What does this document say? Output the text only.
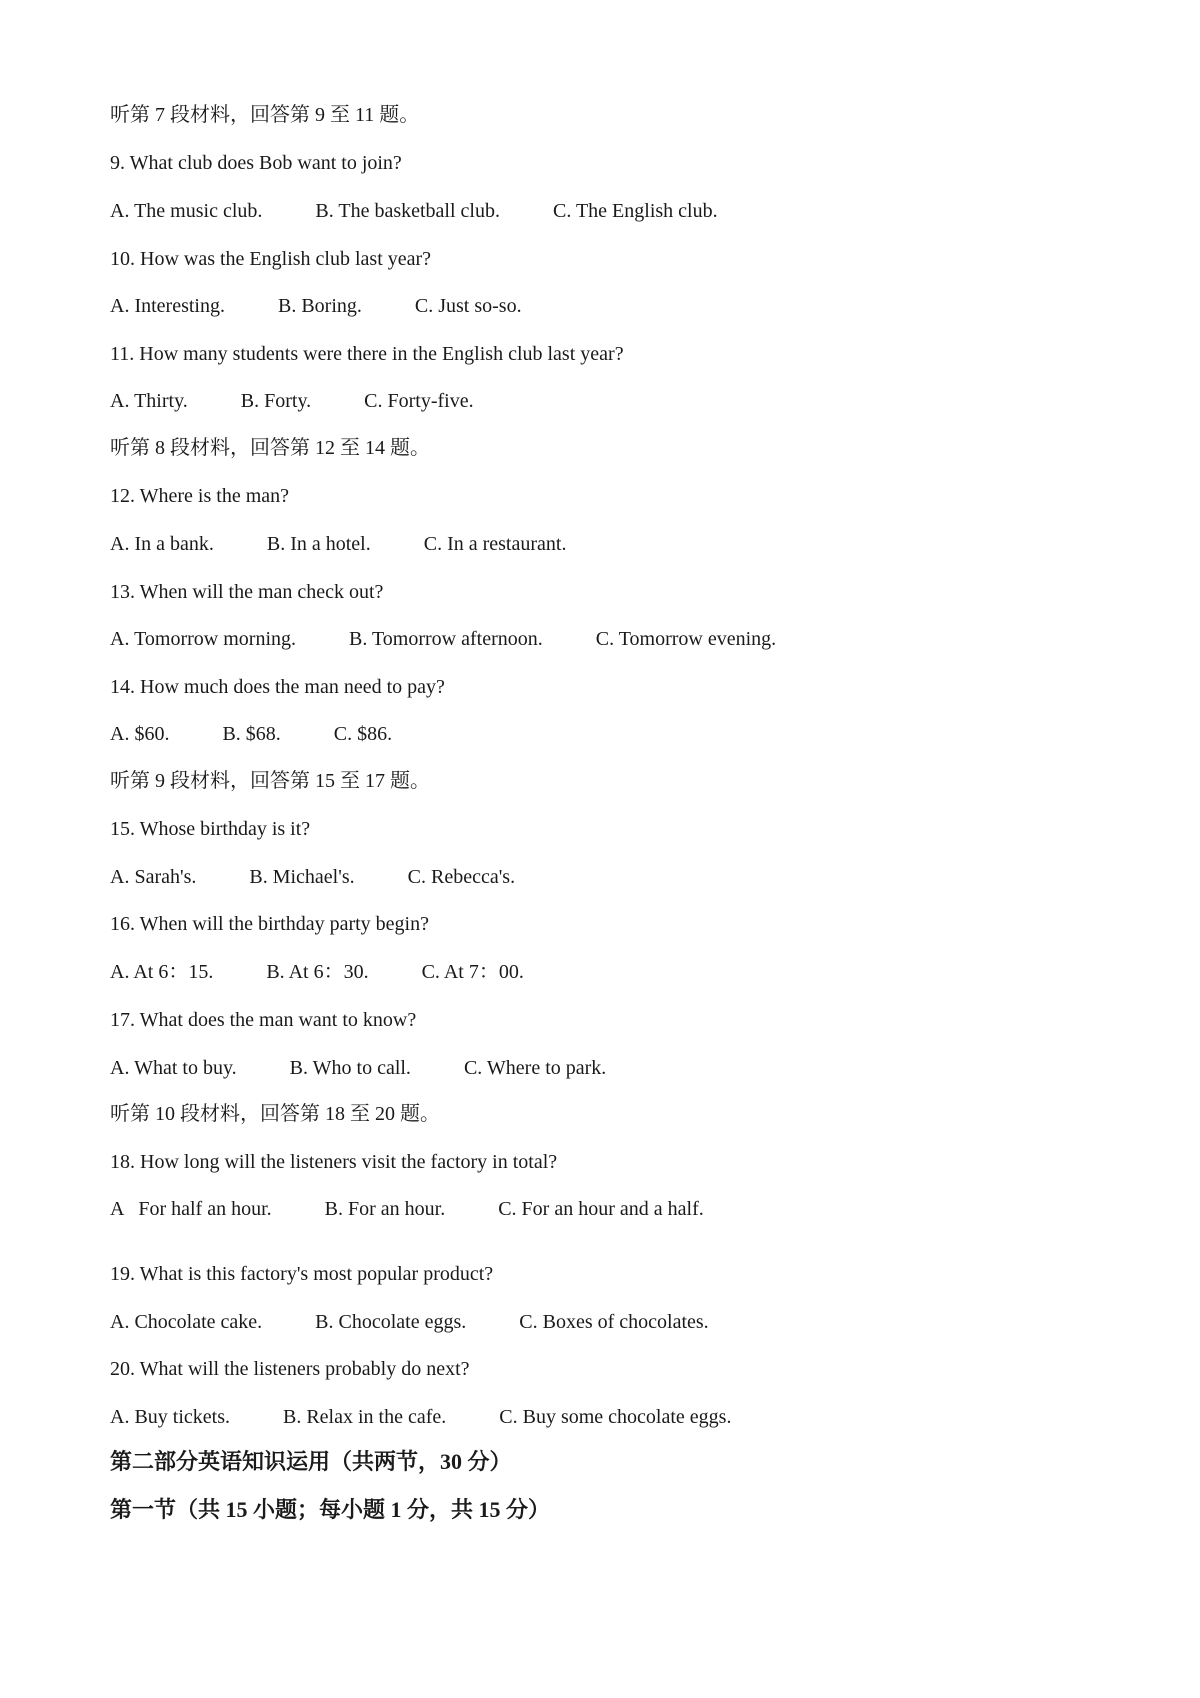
听第 7 段材料，回答第 9 至 11 题。
9. What club does Bob want to join?
A. The music club.	B. The basketball club.	C. The English club.
10. How was the English club last year?
A. Interesting.	B. Boring.	C. Just so-so.
11. How many students were there in the English club last year?
A. Thirty.	B. Forty.	C. Forty-five.
听第 8 段材料，回答第 12 至 14 题。
12. Where is the man?
A. In a bank.	B. In a hotel.	C. In a restaurant.
13. When will the man check out?
A. Tomorrow morning.	B. Tomorrow afternoon.	C. Tomorrow evening.
14. How much does the man need to pay?
A. $60.	B. $68.	C. $86.
听第 9 段材料，回答第 15 至 17 题。
15. Whose birthday is it?
A. Sarah's.	B. Michael's.	C. Rebecca's.
16. When will the birthday party begin?
A. At 6：15.	B. At 6：30.	C. At 7：00.
17. What does the man want to know?
A. What to buy.	B. Who to call.	C. Where to park.
听第 10 段材料，回答第 18 至 20 题。
18. How long will the listeners visit the factory in total?
A   For half an hour.	B. For an hour.	C. For an hour and a half.
19. What is this factory's most popular product?
A. Chocolate cake.	B. Chocolate eggs.	C. Boxes of chocolates.
20. What will the listeners probably do next?
A. Buy tickets.	B. Relax in the cafe.	C. Buy some chocolate eggs.
第二部分英语知识运用（共两节，30 分）
第一节（共 15 小题；每小题 1 分，共 15 分）
